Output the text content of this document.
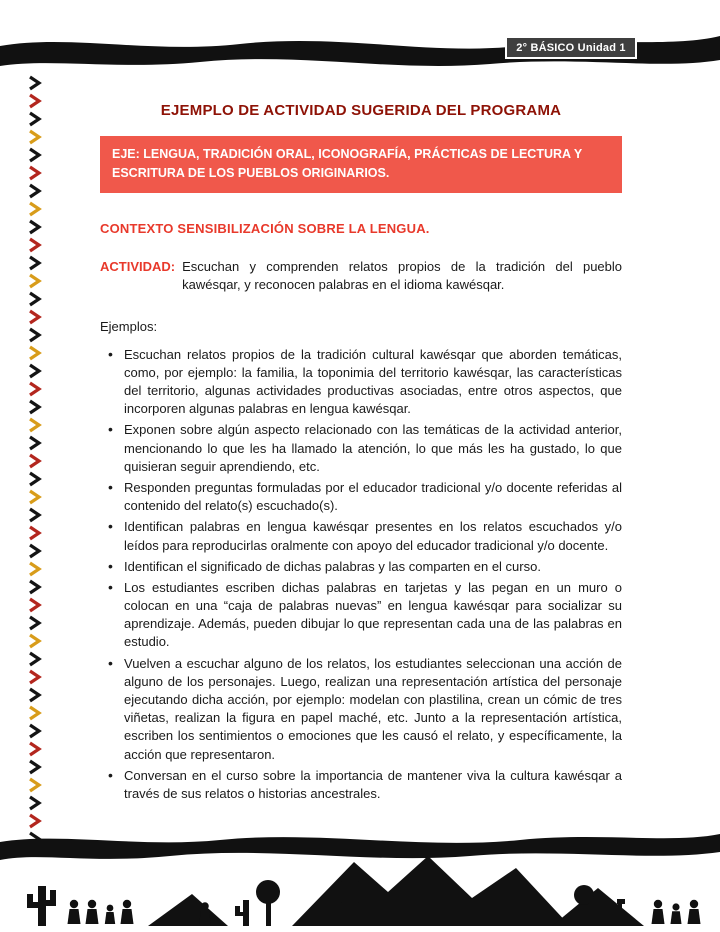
2° BÁSICO Unidad 1
EJEMPLO DE ACTIVIDAD SUGERIDA DEL PROGRAMA
EJE: LENGUA, TRADICIÓN ORAL, ICONOGRAFÍA, PRÁCTICAS DE LECTURA Y ESCRITURA DE LOS PUEBLOS ORIGINARIOS.
CONTEXTO SENSIBILIZACIÓN SOBRE LA LENGUA.
ACTIVIDAD: Escuchan y comprenden relatos propios de la tradición del pueblo kawésqar, y reconocen palabras en el idioma kawésqar.

Ejemplos:

• Escuchan relatos propios de la tradición cultural kawésqar que aborden temáticas, como, por ejemplo: la familia, la toponimia del territorio kawésqar, las características del territorio, algunas actividades productivas asociadas, entre otros aspectos, que incorporen algunas palabras en lengua kawésqar.
• Exponen sobre algún aspecto relacionado con las temáticas de la actividad anterior, mencionando lo que les ha llamado la atención, lo que más les ha gustado, lo que quisieran seguir aprendiendo, etc.
• Responden preguntas formuladas por el educador tradicional y/o docente referidas al contenido del relato(s) escuchado(s).
• Identifican palabras en lengua kawésqar presentes en los relatos escuchados y/o leídos para reproducirlas oralmente con apoyo del educador tradicional y/o docente.
• Identifican el significado de dichas palabras y las comparten en el curso.
• Los estudiantes escriben dichas palabras en tarjetas y las pegan en un muro o colocan en una “caja de palabras nuevas” en lengua kawésqar para socializar su aprendizaje. Además, pueden dibujar lo que representan cada una de las palabras en estudio.
• Vuelven a escuchar alguno de los relatos, los estudiantes seleccionan una acción de alguno de los personajes. Luego, realizan una representación artística del personaje ejecutando dicha acción, por ejemplo: modelan con plastilina, crean un cómic de tres viñetas, realizan la figura en papel maché, etc. Junto a la representación artística, escriben los sentimientos o emociones que les causó el relato, y específicamente, la acción que representaron.
• Conversan en el curso sobre la importancia de mantener viva la cultura kawésqar a través de sus relatos o historias ancestrales.
